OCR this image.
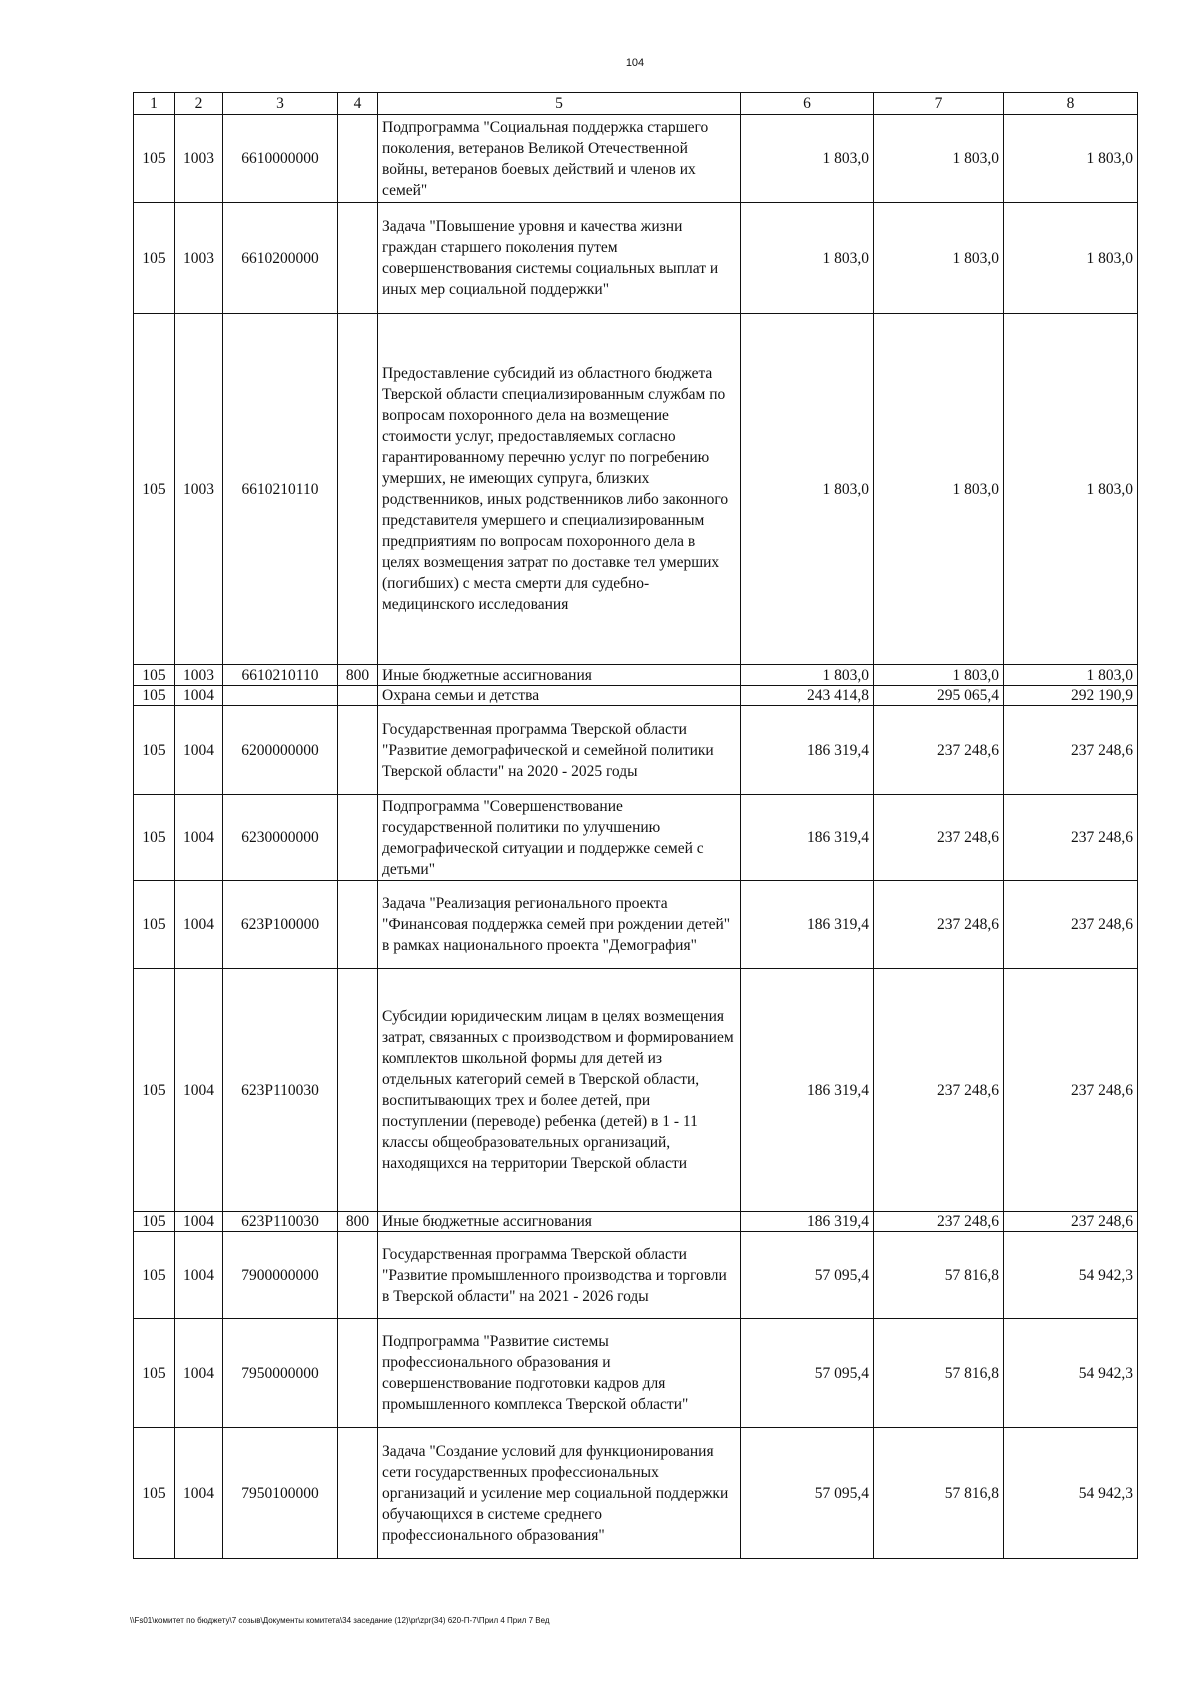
104
1	2	3	4	5	6	7	8
105	1003	6610000000		Подпрограмма "Социальная поддержка старшего поколения, ветеранов Великой Отечественной войны, ветеранов боевых действий и членов их семей"	1 803,0	1 803,0	1 803,0
105	1003	6610200000		Задача "Повышение уровня и качества жизни граждан старшего поколения путем совершенствования системы социальных выплат и иных мер социальной поддержки"	1 803,0	1 803,0	1 803,0
105	1003	6610210110		Предоставление субсидий из областного бюджета Тверской области специализированным службам по вопросам похоронного дела на возмещение стоимости услуг, предоставляемых согласно гарантированному перечню услуг по погребению умерших, не имеющих супруга, близких родственников, иных родственников либо законного представителя умершего и специализированным предприятиям по вопросам похоронного дела в целях возмещения затрат по доставке тел умерших (погибших) с места смерти для судебно-медицинского исследования	1 803,0	1 803,0	1 803,0
105	1003	6610210110	800	Иные бюджетные ассигнования	1 803,0	1 803,0	1 803,0
105	1004			Охрана семьи и детства	243 414,8	295 065,4	292 190,9
105	1004	6200000000		Государственная программа Тверской области "Развитие демографической и семейной политики Тверской области" на 2020 - 2025 годы	186 319,4	237 248,6	237 248,6
105	1004	6230000000		Подпрограмма "Совершенствование государственной политики по улучшению демографической ситуации и поддержке семей с детьми"	186 319,4	237 248,6	237 248,6
105	1004	623P100000		Задача "Реализация регионального проекта "Финансовая поддержка семей при рождении детей" в рамках национального проекта "Демография"	186 319,4	237 248,6	237 248,6
105	1004	623P110030		Субсидии юридическим лицам в целях возмещения затрат, связанных с производством и формированием комплектов школьной формы для детей из отдельных категорий семей в Тверской области, воспитывающих трех и более детей, при поступлении (переводе) ребенка (детей) в 1 - 11 классы общеобразовательных организаций, находящихся на территории Тверской области	186 319,4	237 248,6	237 248,6
105	1004	623P110030	800	Иные бюджетные ассигнования	186 319,4	237 248,6	237 248,6
105	1004	7900000000		Государственная программа Тверской области "Развитие промышленного производства и торговли в Тверской области" на 2021 - 2026 годы	57 095,4	57 816,8	54 942,3
105	1004	7950000000		Подпрограмма "Развитие системы профессионального образования и совершенствование подготовки кадров для промышленного комплекса Тверской области"	57 095,4	57 816,8	54 942,3
105	1004	7950100000		Задача "Создание условий для функционирования сети государственных профессиональных организаций и усиление мер социальной поддержки обучающихся в системе среднего профессионального образования"	57 095,4	57 816,8	54 942,3
\\Fs01\комитет по бюджету\7 созыв\Документы комитета\34 заседание (12)\pr\zpr(34) 620-П-7\Прил 4 Прил 7 Вед
